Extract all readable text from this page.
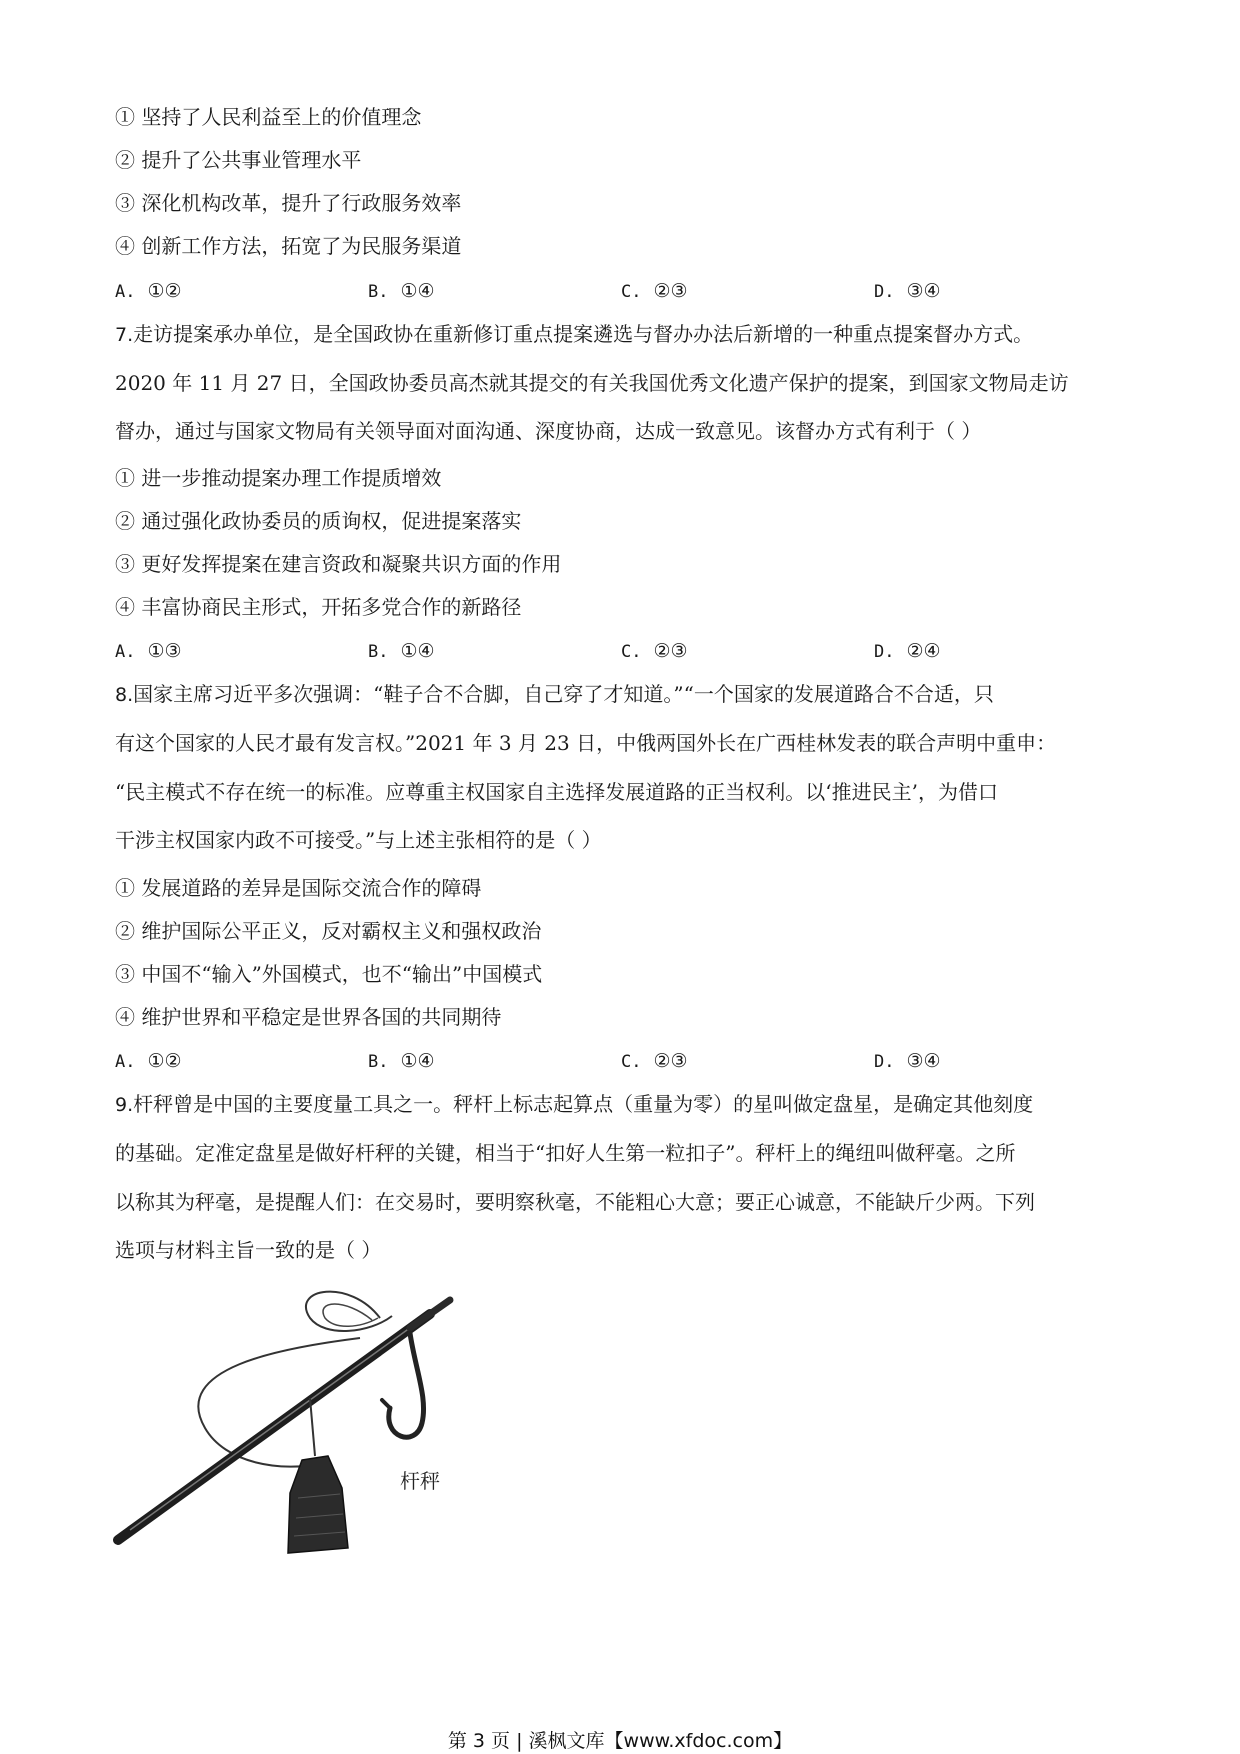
① 坚持了人民利益至上的价值理念
② 提升了公共事业管理水平
③ 深化机构改革，提升了行政服务效率
④ 创新工作方法，拓宽了为民服务渠道
A. ①②	B. ①④	C. ②③	D. ③④
7.走访提案承办单位，是全国政协在重新修订重点提案遴选与督办办法后新增的一种重点提案督办方式。
2020 年 11 月 27 日，全国政协委员高杰就其提交的有关我国优秀文化遗产保护的提案，到国家文物局走访
督办，通过与国家文物局有关领导面对面沟通、深度协商，达成一致意见。该督办方式有利于（ ）
① 进一步推动提案办理工作提质增效
② 通过强化政协委员的质询权，促进提案落实
③ 更好发挥提案在建言资政和凝聚共识方面的作用
④ 丰富协商民主形式，开拓多党合作的新路径
A. ①③	B. ①④	C. ②③	D. ②④
8.国家主席习近平多次强调：“鞋子合不合脚，自己穿了才知道。”“一个国家的发展道路合不合适，只
有这个国家的人民才最有发言权。”2021 年 3 月 23 日，中俄两国外长在广西桂林发表的联合声明中重申：
“民主模式不存在统一的标准。应尊重主权国家自主选择发展道路的正当权利。以‘推进民主’，为借口
干涉主权国家内政不可接受。”与上述主张相符的是（ ）
① 发展道路的差异是国际交流合作的障碍
② 维护国际公平正义，反对霸权主义和强权政治
③ 中国不“输入”外国模式，也不“输出”中国模式
④ 维护世界和平稳定是世界各国的共同期待
A. ①②	B. ①④	C. ②③	D. ③④
9.杆秤曾是中国的主要度量工具之一。秤杆上标志起算点（重量为零）的星叫做定盘星，是确定其他刻度
的基础。定准定盘星是做好杆秤的关键，相当于“扣好人生第一粒扣子”。秤杆上的绳纽叫做秤毫。之所
以称其为秤毫，是提醒人们：在交易时，要明察秋毫，不能粗心大意；要正心诚意，不能缺斤少两。下列
选项与材料主旨一致的是（ ）
杆秤
第 3 页 | 溪枫文库【www.xfdoc.com】
